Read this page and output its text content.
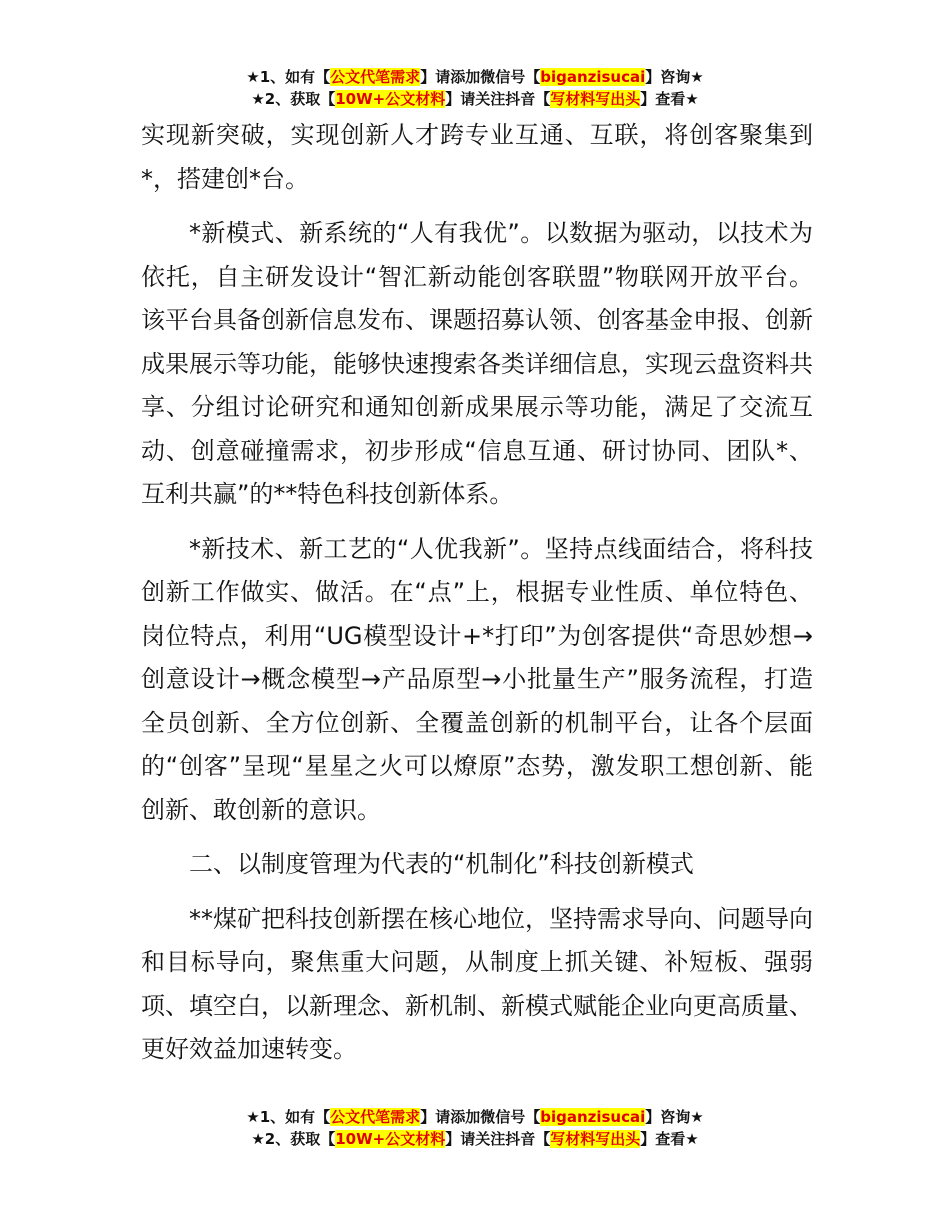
★1、如有【公文代笔需求】请添加微信号【biganzisucai】咨询★
★2、获取【10W+公文材料】请关注抖音【写材料写出头】查看★

实现新突破，实现创新人才跨专业互通、互联，将创客聚集到*，搭建创*台。

*新模式、新系统的“人有我优”。以数据为驱动，以技术为依托，自主研发设计“智汇新动能创客联盟”物联网开放平台。该平台具备创新信息发布、课题招募认领、创客基金申报、创新成果展示等功能，能够快速搜索各类详细信息，实现云盘资料共享、分组讨论研究和通知创新成果展示等功能，满足了交流互动、创意碰撞需求，初步形成“信息互通、研讨协同、团队*、互利共赢”的**特色科技创新体系。

*新技术、新工艺的“人优我新”。坚持点线面结合，将科技创新工作做实、做活。在“点”上，根据专业性质、单位特色、岗位特点，利用“UG模型设计+*打印”为创客提供“奇思妙想→创意设计→概念模型→产品原型→小批量生产”服务流程，打造全员创新、全方位创新、全覆盖创新的机制平台，让各个层面的“创客”呈现“星星之火可以燎原”态势，激发职工想创新、能创新、敢创新的意识。

二、以制度管理为代表的“机制化”科技创新模式

**煤矿把科技创新摆在核心地位，坚持需求导向、问题导向和目标导向，聚焦重大问题，从制度上抓关键、补短板、强弱项、填空白，以新理念、新机制、新模式赋能企业向更高质量、更好效益加速转变。

★1、如有【公文代笔需求】请添加微信号【biganzisucai】咨询★
★2、获取【10W+公文材料】请关注抖音【写材料写出头】查看★
